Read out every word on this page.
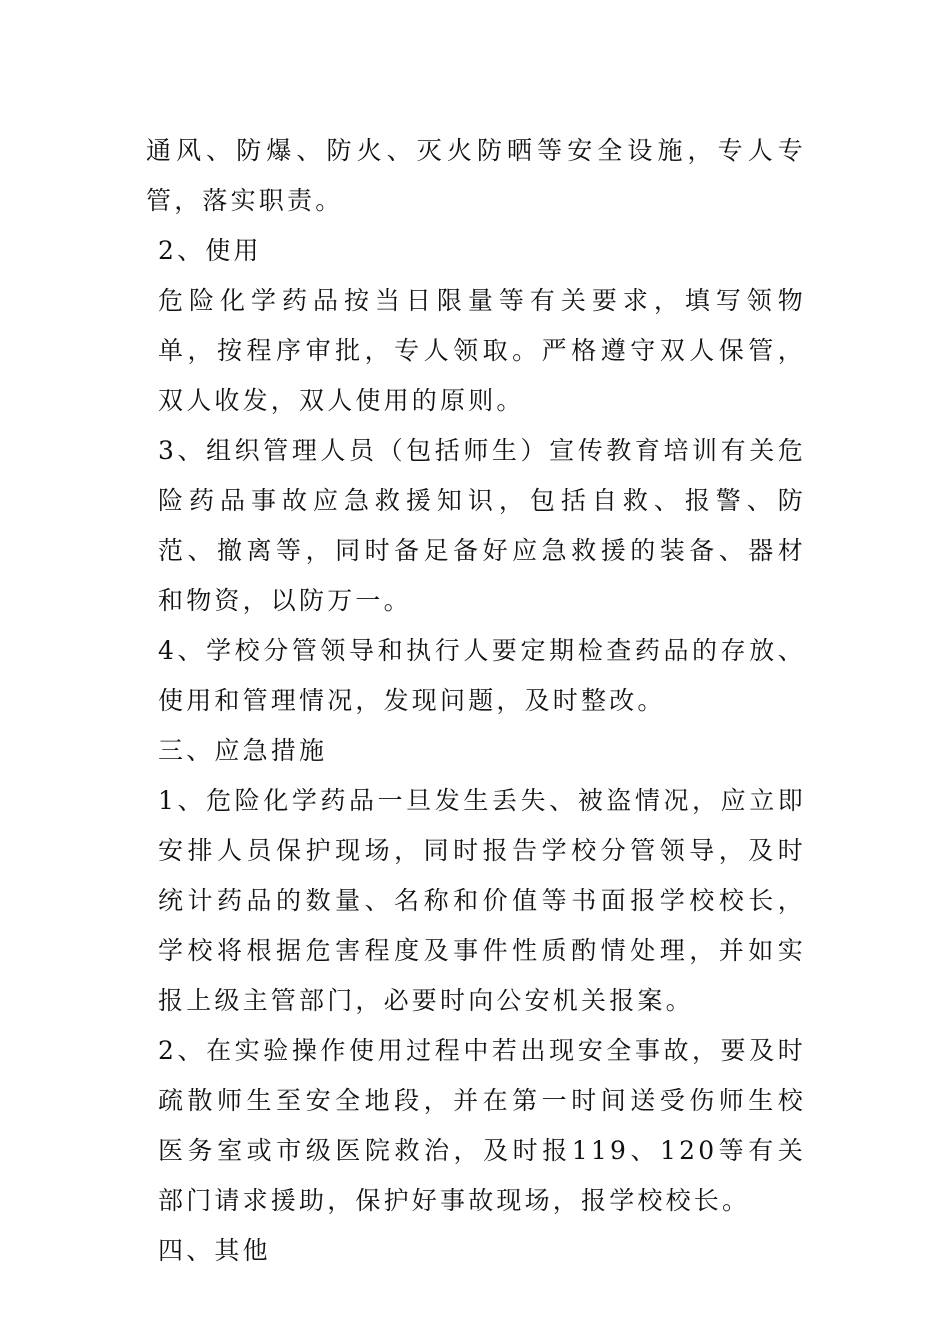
通风、防爆、防火、灭火防晒等安全设施，专人专管，落实职责。

2、使用

危险化学药品按当日限量等有关要求，填写领物单，按程序审批，专人领取。严格遵守双人保管，双人收发，双人使用的原则。

3、组织管理人员（包括师生）宣传教育培训有关危险药品事故应急救援知识，包括自救、报警、防范、撤离等，同时备足备好应急救援的装备、器材和物资，以防万一。

4、学校分管领导和执行人要定期检查药品的存放、使用和管理情况，发现问题，及时整改。

三、应急措施

1、危险化学药品一旦发生丢失、被盗情况，应立即安排人员保护现场，同时报告学校分管领导，及时统计药品的数量、名称和价值等书面报学校校长，学校将根据危害程度及事件性质酌情处理，并如实报上级主管部门，必要时向公安机关报案。

2、在实验操作使用过程中若出现安全事故，要及时疏散师生至安全地段，并在第一时间送受伤师生校医务室或市级医院救治，及时报119、120等有关部门请求援助，保护好事故现场，报学校校长。

四、其他
